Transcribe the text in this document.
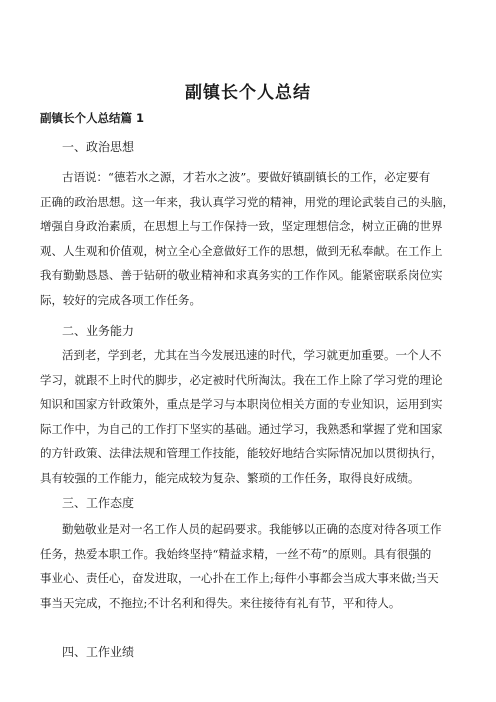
副镇长个人总结
副镇长个人总结篇 1

一、政治思想

古语说：“德若水之源，才若水之波”。要做好镇副镇长的工作，必定要有
正确的政治思想。这一年来，我认真学习党的精神，用党的理论武装自己的头脑，
增强自身政治素质，在思想上与工作保持一致，坚定理想信念，树立正确的世界
观、人生观和价值观，树立全心全意做好工作的思想，做到无私奉献。在工作上
我有勤勤恳恳、善于钻研的敬业精神和求真务实的工作作风。能紧密联系岗位实
际，较好的完成各项工作任务。

二、业务能力

活到老，学到老，尤其在当今发展迅速的时代，学习就更加重要。一个人不
学习，就跟不上时代的脚步，必定被时代所淘汰。我在工作上除了学习党的理论
知识和国家方针政策外，重点是学习与本职岗位相关方面的专业知识，运用到实
际工作中，为自己的工作打下坚实的基础。通过学习，我熟悉和掌握了党和国家
的方针政策、法律法规和管理工作技能，能较好地结合实际情况加以贯彻执行，
具有较强的工作能力，能完成较为复杂、繁琐的工作任务，取得良好成绩。

三、工作态度

勤勉敬业是对一名工作人员的起码要求。我能够以正确的态度对待各项工作
任务，热爱本职工作。我始终坚持“精益求精，一丝不苟”的原则。具有很强的
事业心、责任心，奋发进取，一心扑在工作上;每件小事都会当成大事来做;当天
事当天完成，不拖拉;不计名利和得失。来往接待有礼有节，平和待人。

四、工作业绩
